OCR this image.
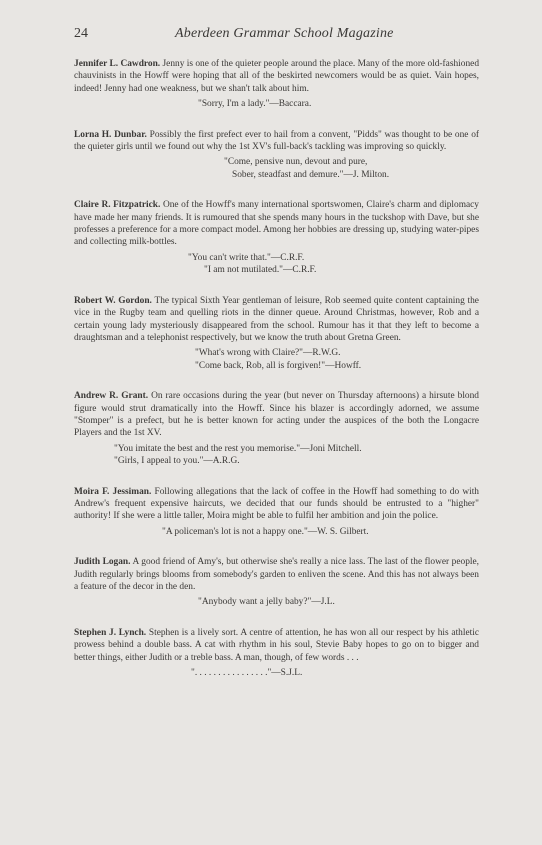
24	Aberdeen Grammar School Magazine

Jennifer L. Cawdron. Jenny is one of the quieter people around the place. Many of the more old-fashioned chauvinists in the Howff were hoping that all of the beskirted newcomers would be as quiet. Vain hopes, indeed! Jenny had one weakness, but we shan't talk about him.

"Sorry, I'm a lady."—Baccara.

Lorna H. Dunbar. Possibly the first prefect ever to hail from a convent, "Pidds" was thought to be one of the quieter girls until we found out why the 1st XV's full-back's tackling was improving so quickly.

"Come, pensive nun, devout and pure,
Sober, steadfast and demure."—J. Milton.

Claire R. Fitzpatrick. One of the Howff's many international sportswomen, Claire's charm and diplomacy have made her many friends. It is rumoured that she spends many hours in the tuckshop with Dave, but she professes a preference for a more compact model. Among her hobbies are dressing up, studying water-pipes and collecting milk-bottles.

"You can't write that."—C.R.F.
"I am not mutilated."—C.R.F.

Robert W. Gordon. The typical Sixth Year gentleman of leisure, Rob seemed quite content captaining the vice in the Rugby team and quelling riots in the dinner queue. Around Christmas, however, Rob and a certain young lady mysteriously disappeared from the school. Rumour has it that they left to become a draughtsman and a telephonist respectively, but we know the truth about Gretna Green.

"What's wrong with Claire?"—R.W.G.
"Come back, Rob, all is forgiven!"—Howff.

Andrew R. Grant. On rare occasions during the year (but never on Thursday afternoons) a hirsute blond figure would strut dramatically into the Howff. Since his blazer is accordingly adorned, we assume "Stomper" is a prefect, but he is better known for acting under the auspices of the both the Longacre Players and the 1st XV.

"You imitate the best and the rest you memorise."—Joni Mitchell.
"Girls, I appeal to you."—A.R.G.

Moira F. Jessiman. Following allegations that the lack of coffee in the Howff had something to do with Andrew's frequent expensive haircuts, we decided that our funds should be entrusted to a "higher" authority! If she were a little taller, Moira might be able to fulfil her ambition and join the police.

"A policeman's lot is not a happy one."—W. S. Gilbert.

Judith Logan. A good friend of Amy's, but otherwise she's really a nice lass. The last of the flower people, Judith regularly brings blooms from somebody's garden to enliven the scene. And this has not always been a feature of the decor in the den.

"Anybody want a jelly baby?"—J.L.

Stephen J. Lynch. Stephen is a lively sort. A centre of attention, he has won all our respect by his athletic prowess behind a double bass. A cat with rhythm in his soul, Stevie Baby hopes to go on to bigger and better things, either Judith or a treble bass. A man, though, of few words . . .

". . . . . . . . . . . . . . . ."—S.J.L.
